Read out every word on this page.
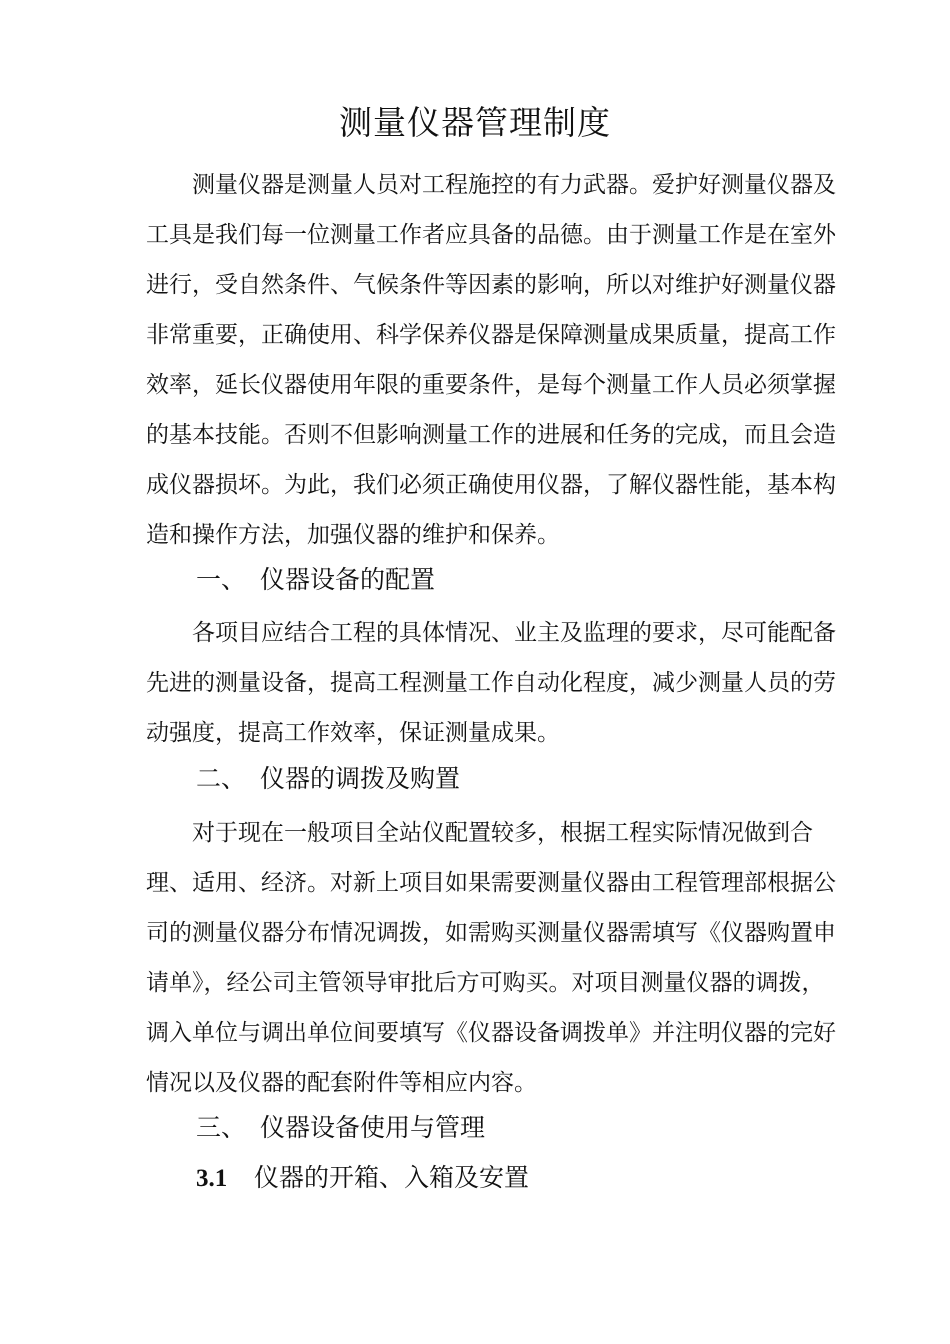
测量仪器管理制度
　　测量仪器是测量人员对工程施控的有力武器。爱护好测量仪器及
工具是我们每一位测量工作者应具备的品德。由于测量工作是在室外
进行，受自然条件、气候条件等因素的影响，所以对维护好测量仪器
非常重要，正确使用、科学保养仪器是保障测量成果质量，提高工作
效率，延长仪器使用年限的重要条件，是每个测量工作人员必须掌握
的基本技能。否则不但影响测量工作的进展和任务的完成，而且会造
成仪器损坏。为此，我们必须正确使用仪器，了解仪器性能，基本构
造和操作方法，加强仪器的维护和保养。
一、 仪器设备的配置
　　各项目应结合工程的具体情况、业主及监理的要求，尽可能配备
先进的测量设备，提高工程测量工作自动化程度，减少测量人员的劳
动强度，提高工作效率，保证测量成果。
二、 仪器的调拨及购置
　　对于现在一般项目全站仪配置较多，根据工程实际情况做到合
理、适用、经济。对新上项目如果需要测量仪器由工程管理部根据公
司的测量仪器分布情况调拨，如需购买测量仪器需填写《仪器购置申
请单》，经公司主管领导审批后方可购买。对项目测量仪器的调拨，
调入单位与调出单位间要填写《仪器设备调拨单》并注明仪器的完好
情况以及仪器的配套附件等相应内容。
三、 仪器设备使用与管理
3.1 仪器的开箱、入箱及安置
